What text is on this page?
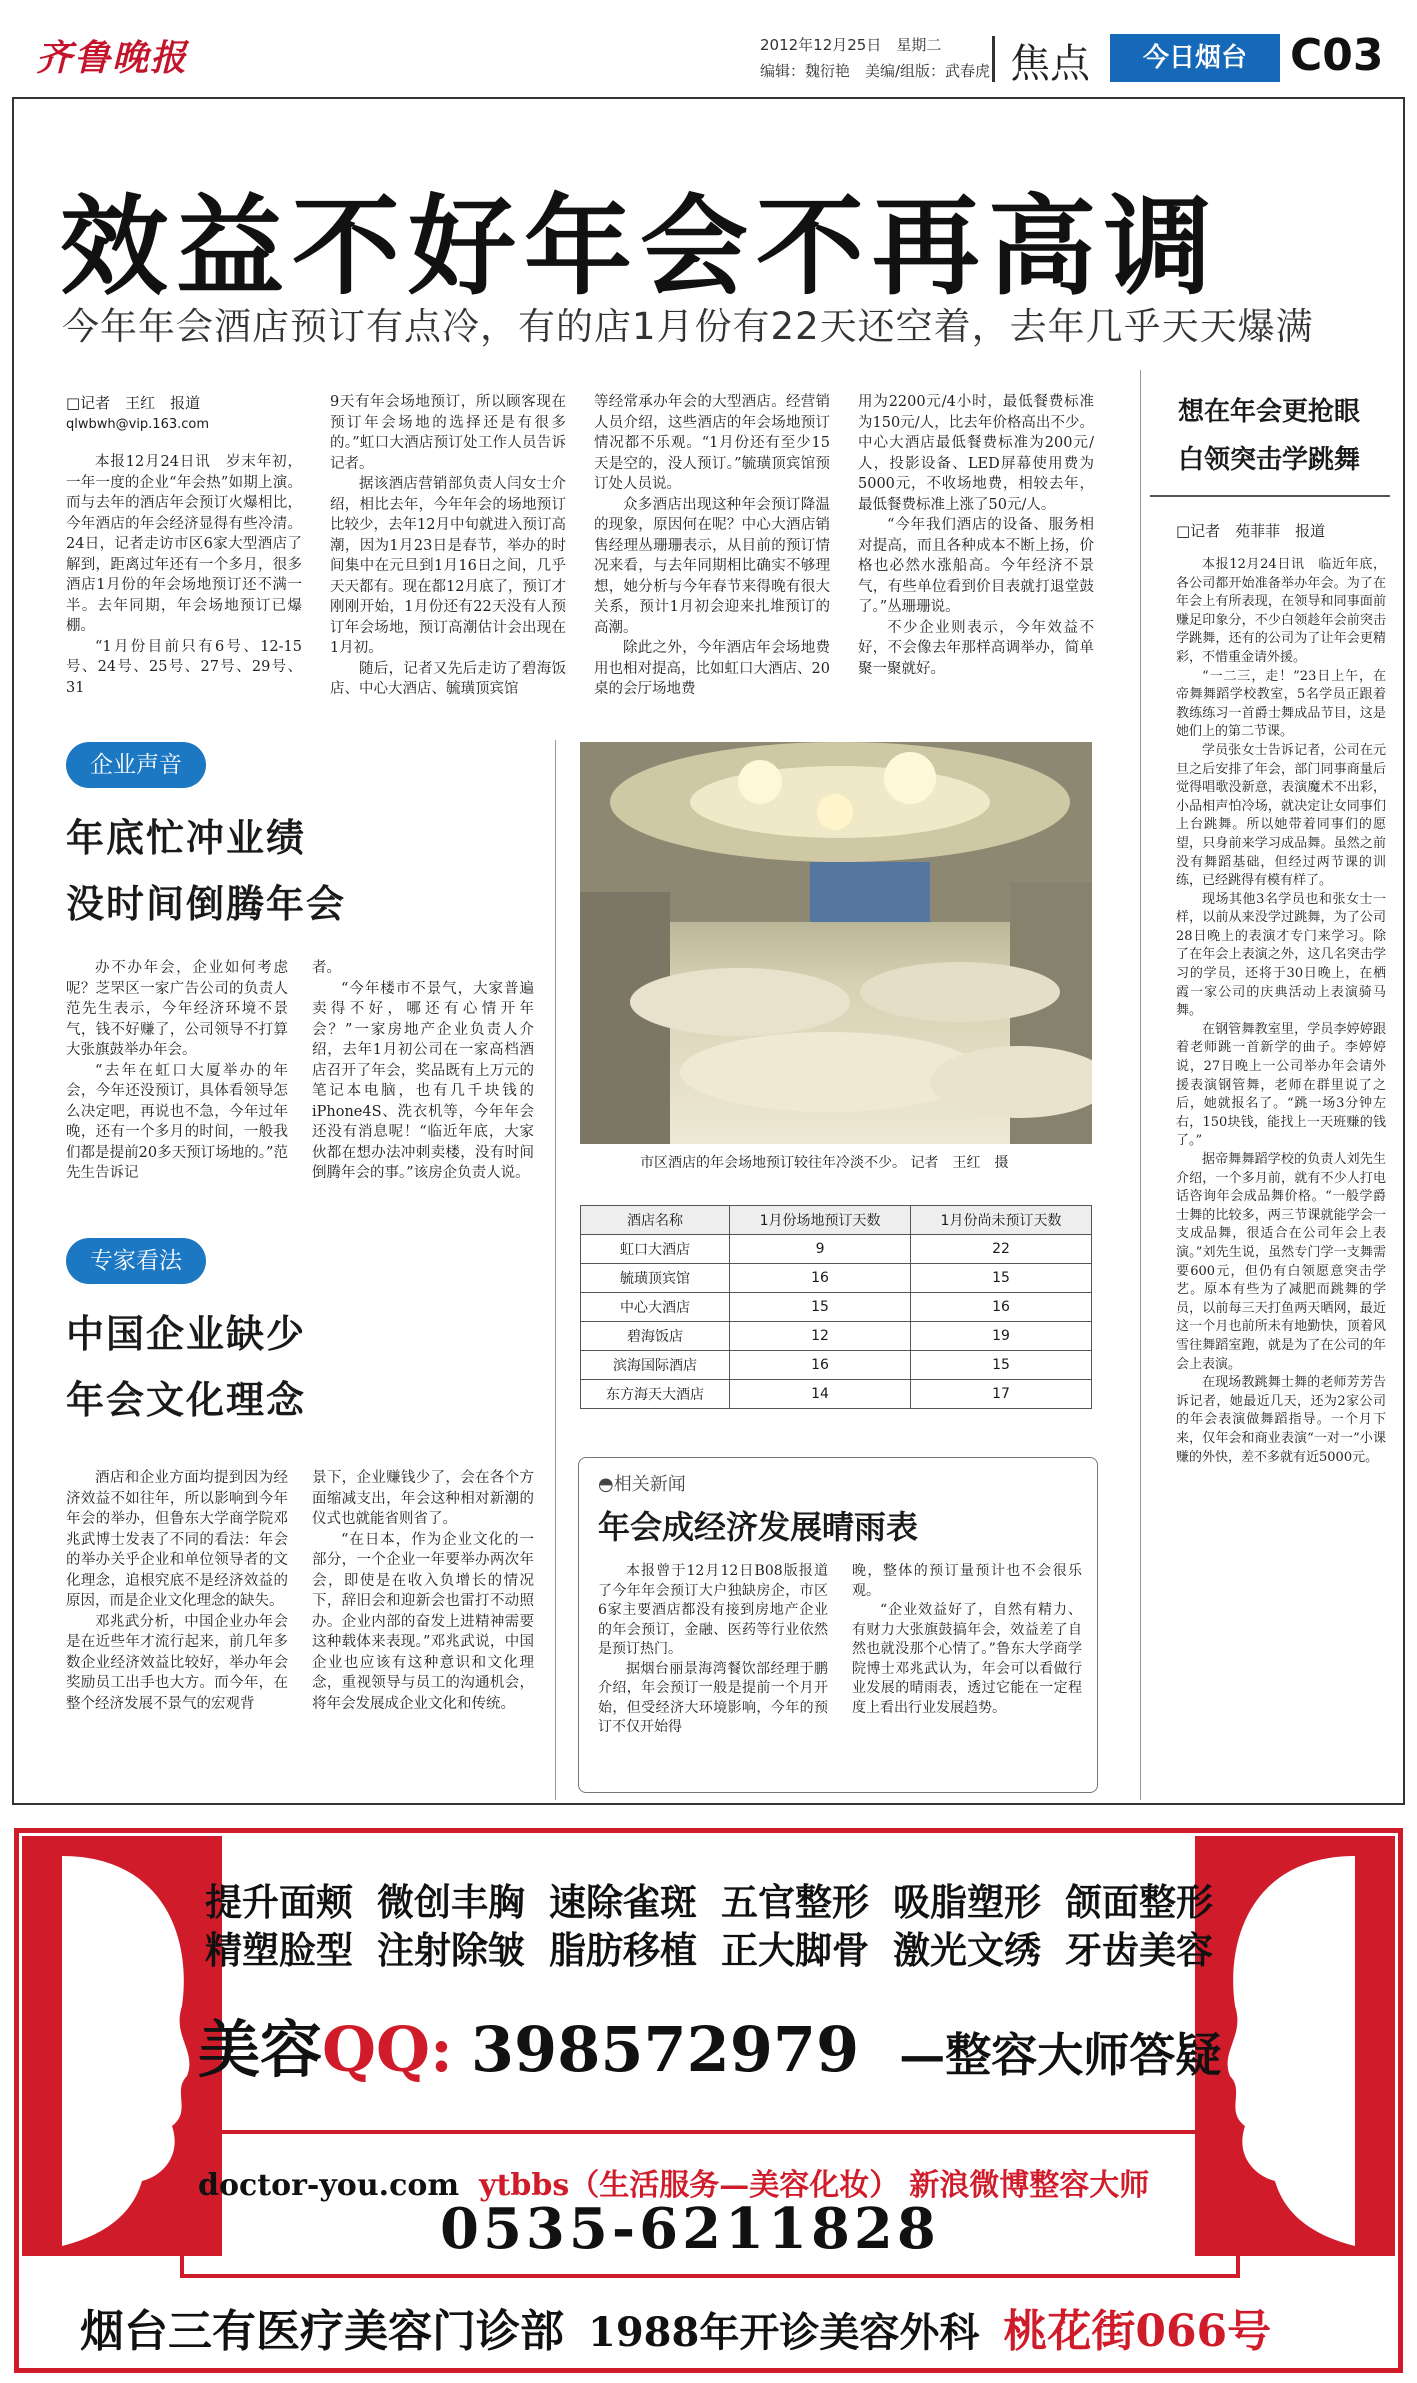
齐鲁晚报	2012年12月25日　星期二
编辑：魏衍艳　美编/组版：武春虎 焦点	今日烟台 C03
效益不好年会不再高调
今年年会酒店预订有点冷，有的店1月份有22天还空着，去年几乎天天爆满
□记者　王红　报道
qlwbwh@vip.163.com

本报12月24日讯　岁末年初，一年一度的企业“年会热”如期上演。而与去年的酒店年会预订火爆相比，今年酒店的年会经济显得有些冷清。24日，记者走访市区6家大型酒店了解到，距离过年还有一个多月，很多酒店1月份的年会场地预订还不满一半。去年同期，年会场地预订已爆棚。

“1月份目前只有6号、12-15号、24号、25号、27号、29号、31

9天有年会场地预订，所以顾客现在预订年会场地的选择还是有很多的。”虹口大酒店预订处工作人员告诉记者。

据该酒店营销部负责人闫女士介绍，相比去年，今年年会的场地预订比较少，去年12月中旬就进入预订高潮，因为1月23日是春节，举办的时间集中在元旦到1月16日之间，几乎天天都有。现在都12月底了，预订才刚刚开始，1月份还有22天没有人预订年会场地，预订高潮估计会出现在1月初。

随后，记者又先后走访了碧海饭店、中心大酒店、毓璜顶宾馆

等经常承办年会的大型酒店。经营销人员介绍，这些酒店的年会场地预订情况都不乐观。“1月份还有至少15天是空的，没人预订。”毓璜顶宾馆预订处人员说。

众多酒店出现这种年会预订降温的现象，原因何在呢？中心大酒店销售经理丛珊珊表示，从目前的预订情况来看，与去年同期相比确实不够理想，她分析与今年春节来得晚有很大关系，预计1月初会迎来扎堆预订的高潮。

除此之外，今年酒店年会场地费用也相对提高，比如虹口大酒店、20桌的会厅场地费

用为2200元/4小时，最低餐费标准为150元/人，比去年价格高出不少。中心大酒店最低餐费标准为200元/人，投影设备、LED屏幕使用费为5000元，不收场地费，相较去年，最低餐费标准上涨了50元/人。

“今年我们酒店的设备、服务相对提高，而且各种成本不断上扬，价格也必然水涨船高。今年经济不景气，有些单位看到价目表就打退堂鼓了。”丛珊珊说。

不少企业则表示，今年效益不好，不会像去年那样高调举办，简单聚一聚就好。

企业声音
年底忙冲业绩
没时间倒腾年会

办不办年会，企业如何考虑呢？芝罘区一家广告公司的负责人范先生表示，今年经济环境不景气，钱不好赚了，公司领导不打算大张旗鼓举办年会。

“去年在虹口大厦举办的年会，今年还没预订，具体看领导怎么决定吧，再说也不急，今年过年晚，还有一个多月的时间，一般我们都是提前20多天预订场地的。”范先生告诉记

者。

“今年楼市不景气，大家普遍卖得不好，哪还有心情开年会？”一家房地产企业负责人介绍，去年1月初公司在一家高档酒店召开了年会，奖品既有上万元的笔记本电脑，也有几千块钱的iPhone4S、洗衣机等，今年年会还没有消息呢！“临近年底，大家伙都在想办法冲刺卖楼，没有时间倒腾年会的事。”该房企负责人说。

专家看法
中国企业缺少
年会文化理念

酒店和企业方面均提到因为经济效益不如往年，所以影响到今年年会的举办，但鲁东大学商学院邓兆武博士发表了不同的看法：年会的举办关乎企业和单位领导者的文化理念，追根究底不是经济效益的原因，而是企业文化理念的缺失。

邓兆武分析，中国企业办年会是在近些年才流行起来，前几年多数企业经济效益比较好，举办年会奖励员工出手也大方。而今年，在整个经济发展不景气的宏观背

景下，企业赚钱少了，会在各个方面缩减支出，年会这种相对新潮的仪式也就能省则省了。

“在日本，作为企业文化的一部分，一个企业一年要举办两次年会，即使是在收入负增长的情况下，辞旧会和迎新会也雷打不动照办。企业内部的奋发上进精神需要这种载体来表现。”邓兆武说，中国企业也应该有这种意识和文化理念，重视领导与员工的沟通机会，将年会发展成企业文化和传统。

市区酒店的年会场地预订较往年冷淡不少。 记者　王红　摄
酒店名称	1月份场地预订天数	1月份尚未预订天数
虹口大酒店	9	22
毓璜顶宾馆	16	15
中心大酒店	15	16
碧海饭店	12	19
滨海国际酒店	16	15
东方海天大酒店	14	17
◓相关新闻
年会成经济发展晴雨表

本报曾于12月12日B08版报道了今年年会预订大户独缺房企，市区6家主要酒店都没有接到房地产企业的年会预订，金融、医药等行业依然是预订热门。

据烟台丽景海湾餐饮部经理于鹏介绍，年会预订一般是提前一个月开始，但受经济大环境影响，今年的预订不仅开始得

晚，整体的预订量预计也不会很乐观。

“企业效益好了，自然有精力、有财力大张旗鼓搞年会，效益差了自然也就没那个心情了。”鲁东大学商学院博士邓兆武认为，年会可以看做行业发展的晴雨表，透过它能在一定程度上看出行业发展趋势。

想在年会更抢眼
白领突击学跳舞
□记者　苑菲菲　报道

本报12月24日讯　临近年底，各公司都开始准备举办年会。为了在年会上有所表现，在领导和同事面前赚足印象分，不少白领趁年会前突击学跳舞，还有的公司为了让年会更精彩，不惜重金请外援。

“一二三，走！”23日上午，在帝舞舞蹈学校教室，5名学员正跟着教练练习一首爵士舞成品节目，这是她们上的第二节课。

学员张女士告诉记者，公司在元旦之后安排了年会，部门同事商量后觉得唱歌没新意，表演魔术不出彩，小品相声怕冷场，就决定让女同事们上台跳舞。所以她带着同事们的愿望，只身前来学习成品舞。虽然之前没有舞蹈基础，但经过两节课的训练，已经跳得有模有样了。

现场其他3名学员也和张女士一样，以前从来没学过跳舞，为了公司28日晚上的表演才专门来学习。除了在年会上表演之外，这几名突击学习的学员，还将于30日晚上，在栖霞一家公司的庆典活动上表演骑马舞。

在钢管舞教室里，学员李婷婷跟着老师跳一首新学的曲子。李婷婷说，27日晚上一公司举办年会请外援表演钢管舞，老师在群里说了之后，她就报名了。“跳一场3分钟左右，150块钱，能找上一天班赚的钱了。”

据帝舞舞蹈学校的负责人刘先生介绍，一个多月前，就有不少人打电话咨询年会成品舞价格。“一般学爵士舞的比较多，两三节课就能学会一支成品舞，很适合在公司年会上表演。”刘先生说，虽然专门学一支舞需要600元，但仍有白领愿意突击学艺。原本有些为了减肥而跳舞的学员，以前每三天打鱼两天晒网，最近这一个月也前所未有地勤快，顶着风雪往舞蹈室跑，就是为了在公司的年会上表演。

在现场教跳舞士舞的老师芳芳告诉记者，她最近几天，还为2家公司的年会表演做舞蹈指导。一个月下来，仅年会和商业表演“一对一”小课赚的外快，差不多就有近5000元。

提升面颊 微创丰胸 速除雀斑 五官整形 吸脂塑形 颌面整形
精塑脸型 注射除皱 脂肪移植 正大脚骨 激光文绣 牙齿美容
美容QQ: 398572979 —整容大师答疑
doctor-you.com ytbbs（生活服务—美容化妆） 新浪微博整容大师
0535-6211828
烟台三有医疗美容门诊部 1988年开诊美容外科 桃花街066号
